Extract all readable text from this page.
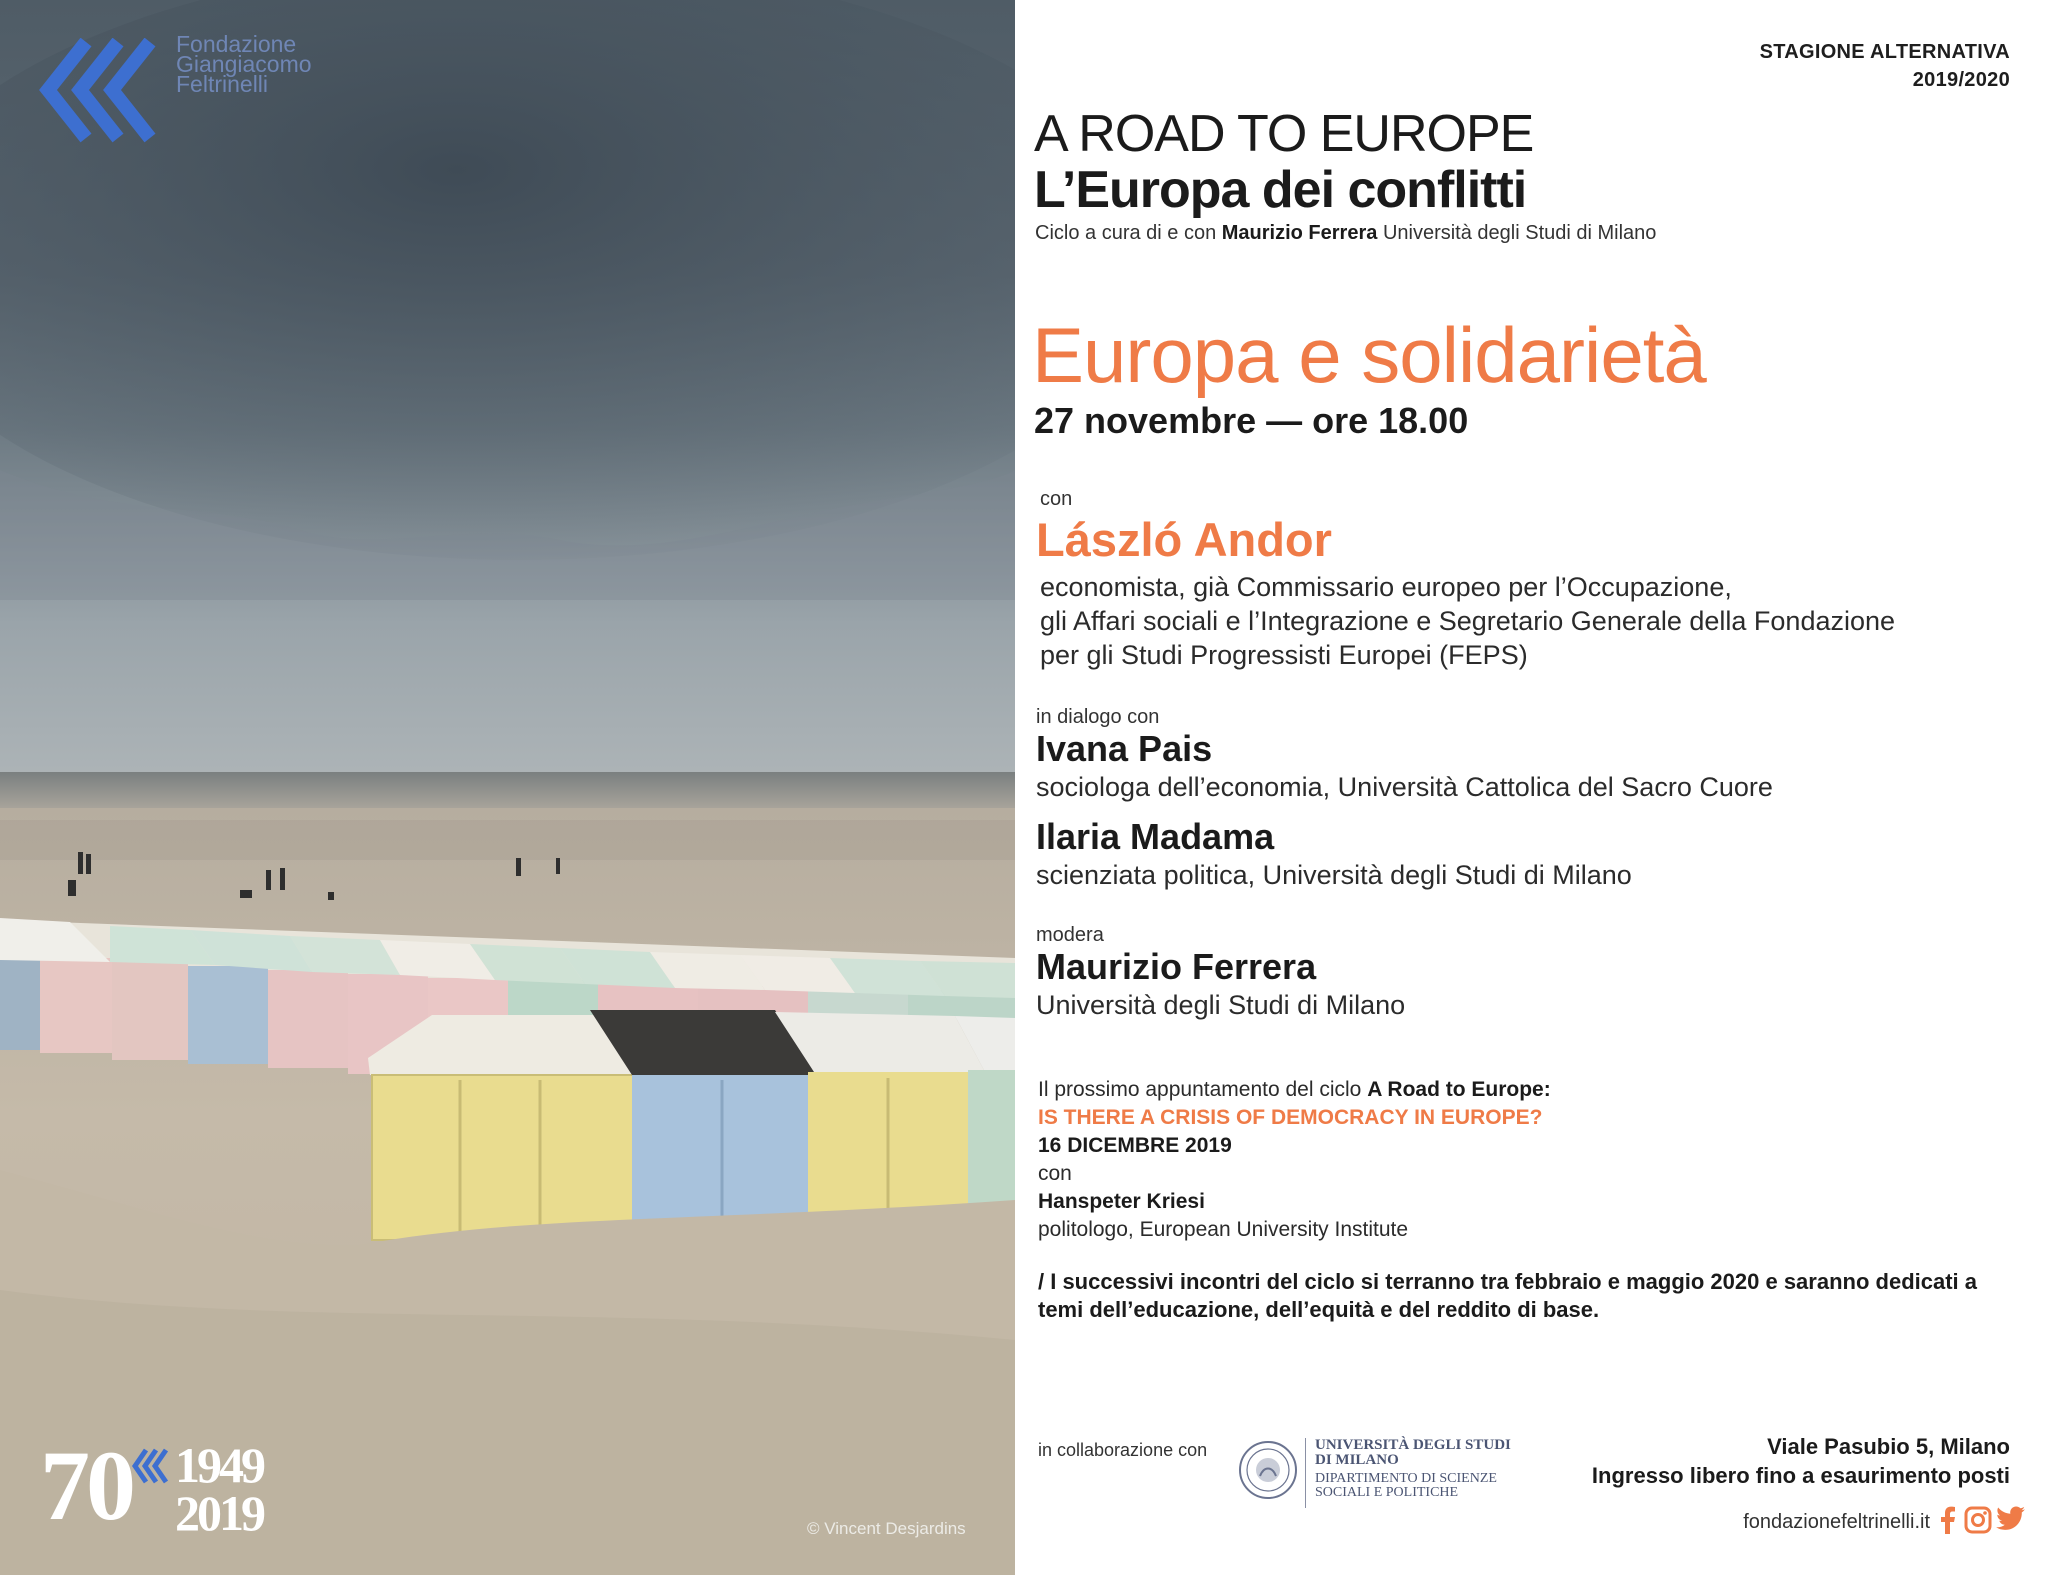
Fondazione
Giangiacomo
Feltrinelli
70 1949
2019	© Vincent Desjardins
STAGIONE ALTERNATIVA
2019/2020
A ROAD TO EUROPE
L’Europa dei conflitti
Ciclo a cura di e con Maurizio Ferrera Università degli Studi di Milano
Europa e solidarietà
27 novembre — ore 18.00
con
László Andor
economista, già Commissario europeo per l’Occupazione,
gli Affari sociali e l’Integrazione e Segretario Generale della Fondazione
per gli Studi Progressisti Europei (FEPS)
in dialogo con
Ivana Pais
sociologa dell’economia, Università Cattolica del Sacro Cuore
Ilaria Madama
scienziata politica, Università degli Studi di Milano
modera
Maurizio Ferrera
Università degli Studi di Milano
Il prossimo appuntamento del ciclo A Road to Europe:
IS THERE A CRISIS OF DEMOCRACY IN EUROPE?
16 DICEMBRE 2019
con
Hanspeter Kriesi
politologo, European University Institute
/ I successivi incontri del ciclo si terranno tra febbraio e maggio 2020 e saranno dedicati a temi dell’educazione, dell’equità e del reddito di base.
in collaborazione con	UNIVERSITÀ DEGLI STUDI
DI MILANO
DIPARTIMENTO DI SCIENZE
SOCIALI E POLITICHE
Viale Pasubio 5, Milano
Ingresso libero fino a esaurimento posti
fondazionefeltrinelli.it
